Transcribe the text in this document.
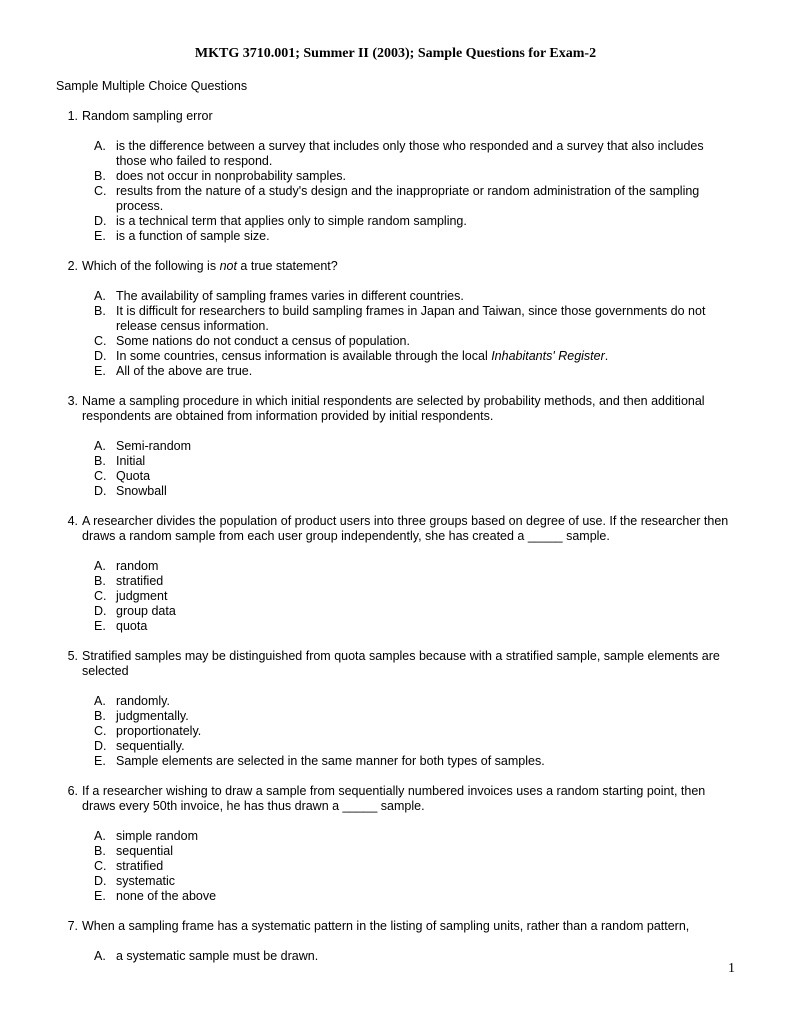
MKTG 3710.001; Summer II (2003); Sample Questions for Exam-2
Sample Multiple Choice Questions
1. Random sampling error
A. is the difference between a survey that includes only those who responded and a survey that also includes those who failed to respond.
B. does not occur in nonprobability samples.
C. results from the nature of a study's design and the inappropriate or random administration of the sampling process.
D. is a technical term that applies only to simple random sampling.
E. is a function of sample size.
2. Which of the following is not a true statement?
A. The availability of sampling frames varies in different countries.
B. It is difficult for researchers to build sampling frames in Japan and Taiwan, since those governments do not release census information.
C. Some nations do not conduct a census of population.
D. In some countries, census information is available through the local Inhabitants' Register.
E. All of the above are true.
3. Name a sampling procedure in which initial respondents are selected by probability methods, and then additional respondents are obtained from information provided by initial respondents.
A. Semi-random
B. Initial
C. Quota
D. Snowball
4. A researcher divides the population of product users into three groups based on degree of use. If the researcher then draws a random sample from each user group independently, she has created a _____ sample.
A. random
B. stratified
C. judgment
D. group data
E. quota
5. Stratified samples may be distinguished from quota samples because with a stratified sample, sample elements are selected
A. randomly.
B. judgmentally.
C. proportionately.
D. sequentially.
E. Sample elements are selected in the same manner for both types of samples.
6. If a researcher wishing to draw a sample from sequentially numbered invoices uses a random starting point, then draws every 50th invoice, he has thus drawn a _____ sample.
A. simple random
B. sequential
C. stratified
D. systematic
E. none of the above
7. When a sampling frame has a systematic pattern in the listing of sampling units, rather than a random pattern,
A. a systematic sample must be drawn.
1
